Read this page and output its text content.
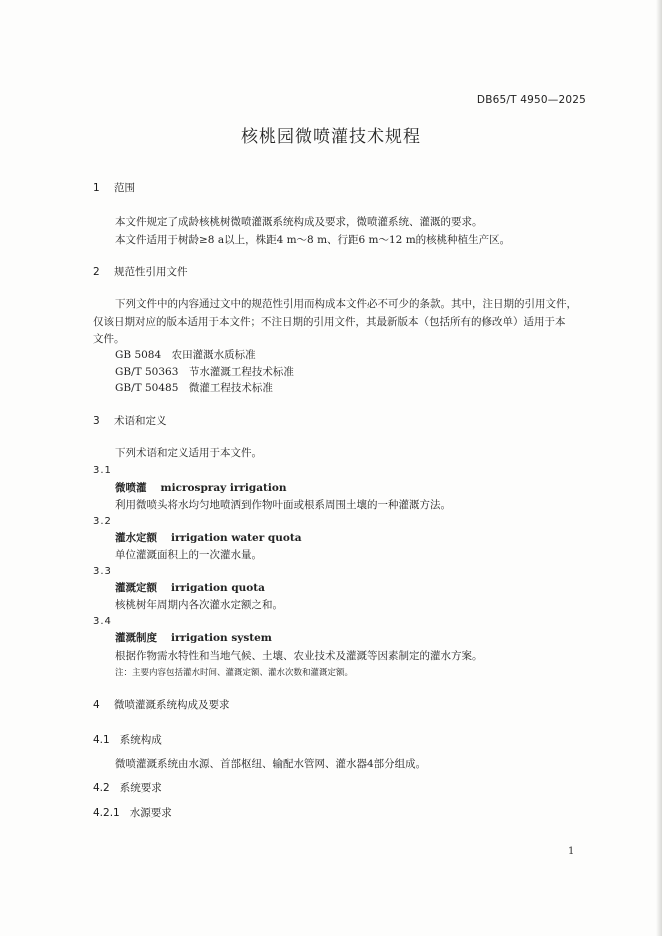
DB65/T 4950—2025
核桃园微喷灌技术规程
1 范围
本文件规定了成龄核桃树微喷灌溉系统构成及要求，微喷灌系统、灌溉的要求。
本文件适用于树龄≥8 a以上，株距4 m～8 m、行距6 m～12 m的核桃种植生产区。
2 规范性引用文件
下列文件中的内容通过文中的规范性引用而构成本文件必不可少的条款。其中，注日期的引用文件，
仅该日期对应的版本适用于本文件；不注日期的引用文件，其最新版本（包括所有的修改单）适用于本
文件。
GB 5084　农田灌溉水质标准
GB/T 50363　节水灌溉工程技术标准
GB/T 50485　微灌工程技术标准
3 术语和定义
下列术语和定义适用于本文件。
3.1
微喷灌 microspray irrigation
利用微喷头将水均匀地喷洒到作物叶面或根系周围土壤的一种灌溉方法。
3.2
灌水定额 irrigation water quota
单位灌溉面积上的一次灌水量。
3.3
灌溉定额 irrigation quota
核桃树年周期内各次灌水定额之和。
3.4
灌溉制度 irrigation system
根据作物需水特性和当地气候、土壤、农业技术及灌溉等因素制定的灌水方案。
注：主要内容包括灌水时间、灌溉定额、灌水次数和灌溉定额。
4 微喷灌溉系统构成及要求
4.1 系统构成
微喷灌溉系统由水源、首部枢纽、输配水管网、灌水器4部分组成。
4.2 系统要求
4.2.1 水源要求
1
